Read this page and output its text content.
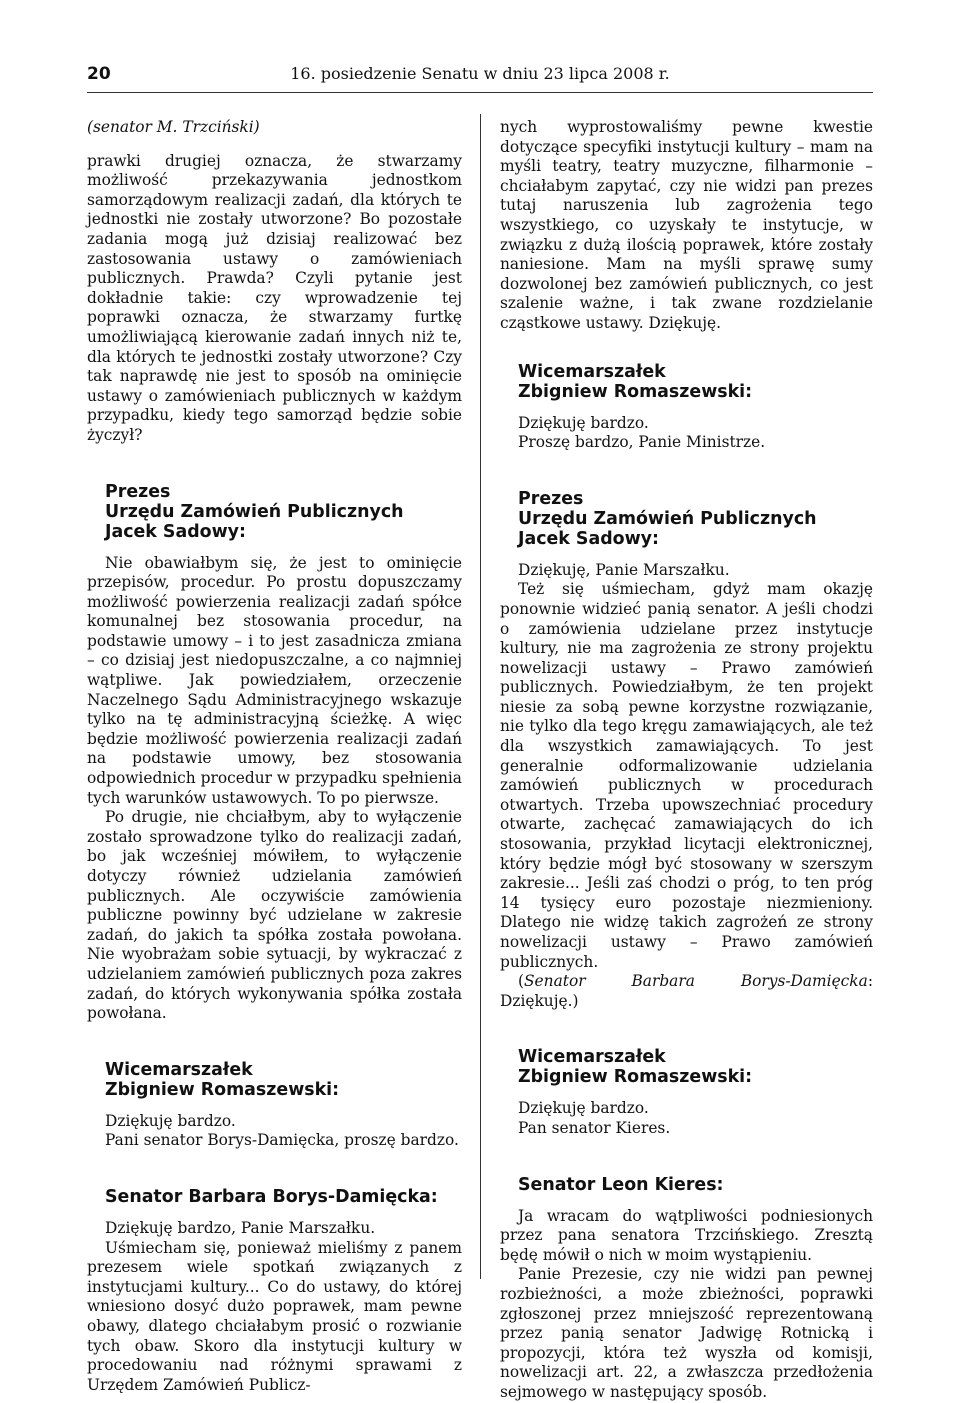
20	16. posiedzenie Senatu w dniu 23 lipca 2008 r.

(senator M. Trzciński)

prawki drugiej oznacza, że stwarzamy możliwość przekazywania jednostkom samorządowym realizacji zadań, dla których te jednostki nie zostały utworzone? Bo pozostałe zadania mogą już dzisiaj realizować bez zastosowania ustawy o zamówieniach publicznych. Prawda? Czyli pytanie jest dokładnie takie: czy wprowadzenie tej poprawki oznacza, że stwarzamy furtkę umożliwiającą kierowanie zadań innych niż te, dla których te jednostki zostały utworzone? Czy tak naprawdę nie jest to sposób na ominięcie ustawy o zamówieniach publicznych w każdym przypadku, kiedy tego samorząd będzie sobie życzył?

Prezes
Urzędu Zamówień Publicznych
Jacek Sadowy:

Nie obawiałbym się, że jest to ominięcie przepisów, procedur. Po prostu dopuszczamy możliwość powierzenia realizacji zadań spółce komunalnej bez stosowania procedur, na podstawie umowy – i to jest zasadnicza zmiana – co dzisiaj jest niedopuszczalne, a co najmniej wątpliwe. Jak powiedziałem, orzeczenie Naczelnego Sądu Administracyjnego wskazuje tylko na tę administracyjną ścieżkę. A więc będzie możliwość powierzenia realizacji zadań na podstawie umowy, bez stosowania odpowiednich procedur w przypadku spełnienia tych warunków ustawowych. To po pierwsze.

Po drugie, nie chciałbym, aby to wyłączenie zostało sprowadzone tylko do realizacji zadań, bo jak wcześniej mówiłem, to wyłączenie dotyczy również udzielania zamówień publicznych. Ale oczywiście zamówienia publiczne powinny być udzielane w zakresie zadań, do jakich ta spółka została powołana. Nie wyobrażam sobie sytuacji, by wykraczać z udzielaniem zamówień publicznych poza zakres zadań, do których wykonywania spółka została powołana.

Wicemarszałek
Zbigniew Romaszewski:

Dziękuję bardzo.

Pani senator Borys-Damięcka, proszę bardzo.

Senator Barbara Borys-Damięcka:

Dziękuję bardzo, Panie Marszałku.

Uśmiecham się, ponieważ mieliśmy z panem prezesem wiele spotkań związanych z instytucjami kultury... Co do ustawy, do której wniesiono dosyć dużo poprawek, mam pewne obawy, dlatego chciałabym prosić o rozwianie tych obaw. Skoro dla instytucji kultury w procedowaniu nad różnymi sprawami z Urzędem Zamówień Publicz-

nych wyprostowaliśmy pewne kwestie dotyczące specyfiki instytucji kultury – mam na myśli teatry, teatry muzyczne, filharmonie – chciałabym zapytać, czy nie widzi pan prezes tutaj naruszenia lub zagrożenia tego wszystkiego, co uzyskały te instytucje, w związku z dużą ilością poprawek, które zostały naniesione. Mam na myśli sprawę sumy dozwolonej bez zamówień publicznych, co jest szalenie ważne, i tak zwane rozdzielanie cząstkowe ustawy. Dziękuję.

Wicemarszałek
Zbigniew Romaszewski:

Dziękuję bardzo.

Proszę bardzo, Panie Ministrze.

Prezes
Urzędu Zamówień Publicznych
Jacek Sadowy:

Dziękuję, Panie Marszałku.

Też się uśmiecham, gdyż mam okazję ponownie widzieć panią senator. A jeśli chodzi o zamówienia udzielane przez instytucje kultury, nie ma zagrożenia ze strony projektu nowelizacji ustawy – Prawo zamówień publicznych. Powiedziałbym, że ten projekt niesie za sobą pewne korzystne rozwiązanie, nie tylko dla tego kręgu zamawiających, ale też dla wszystkich zamawiających. To jest generalnie odformalizowanie udzielania zamówień publicznych w procedurach otwartych. Trzeba upowszechniać procedury otwarte, zachęcać zamawiających do ich stosowania, przykład licytacji elektronicznej, który będzie mógł być stosowany w szerszym zakresie... Jeśli zaś chodzi o próg, to ten próg 14 tysięcy euro pozostaje niezmieniony. Dlatego nie widzę takich zagrożeń ze strony nowelizacji ustawy – Prawo zamówień publicznych.

(Senator Barbara Borys-Damięcka: Dziękuję.)

Wicemarszałek
Zbigniew Romaszewski:

Dziękuję bardzo.

Pan senator Kieres.

Senator Leon Kieres:

Ja wracam do wątpliwości podniesionych przez pana senatora Trzcińskiego. Zresztą będę mówił o nich w moim wystąpieniu.

Panie Prezesie, czy nie widzi pan pewnej rozbieżności, a może zbieżności, poprawki zgłoszonej przez mniejszość reprezentowaną przez panią senator Jadwigę Rotnicką i propozycji, która też wyszła od komisji, nowelizacji art. 22, a zwłaszcza przedłożenia sejmowego w następujący sposób.
